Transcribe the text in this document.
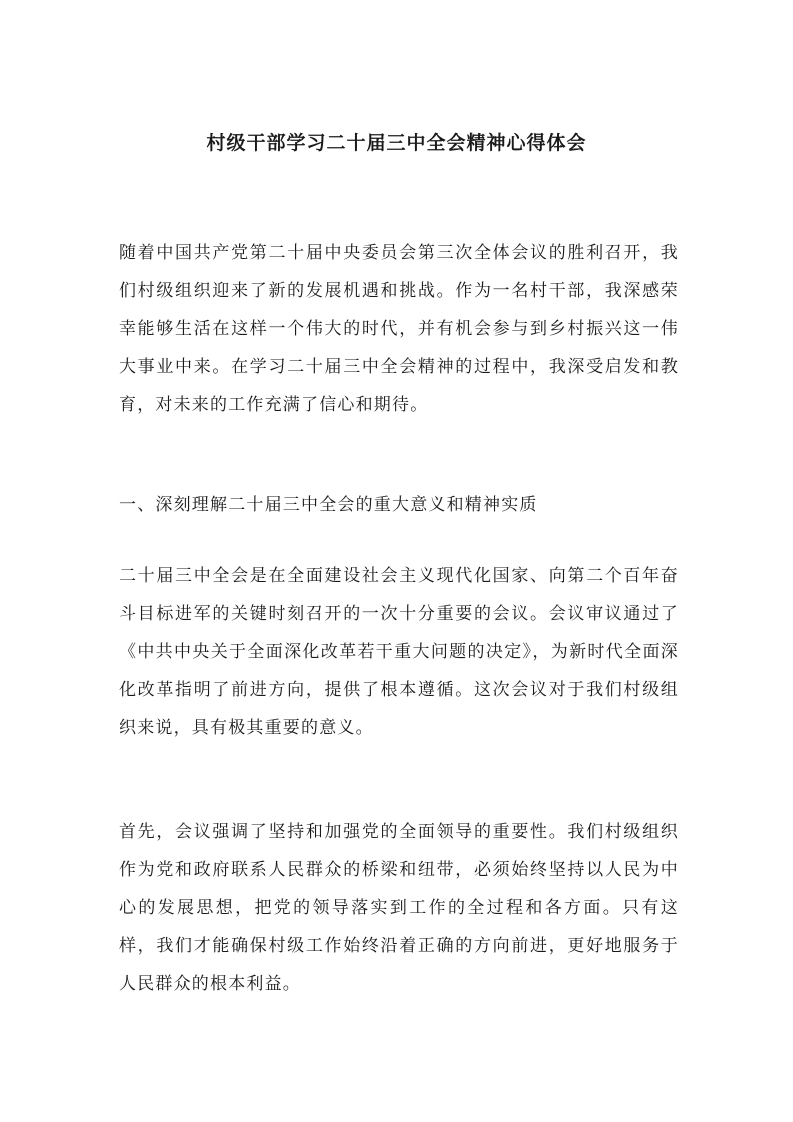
村级干部学习二十届三中全会精神心得体会

随着中国共产党第二十届中央委员会第三次全体会议的胜利召开，我们村级组织迎来了新的发展机遇和挑战。作为一名村干部，我深感荣幸能够生活在这样一个伟大的时代，并有机会参与到乡村振兴这一伟大事业中来。在学习二十届三中全会精神的过程中，我深受启发和教育，对未来的工作充满了信心和期待。

一、深刻理解二十届三中全会的重大意义和精神实质

二十届三中全会是在全面建设社会主义现代化国家、向第二个百年奋斗目标进军的关键时刻召开的一次十分重要的会议。会议审议通过了《中共中央关于全面深化改革若干重大问题的决定》，为新时代全面深化改革指明了前进方向，提供了根本遵循。这次会议对于我们村级组织来说，具有极其重要的意义。

首先，会议强调了坚持和加强党的全面领导的重要性。我们村级组织作为党和政府联系人民群众的桥梁和纽带，必须始终坚持以人民为中心的发展思想，把党的领导落实到工作的全过程和各方面。只有这样，我们才能确保村级工作始终沿着正确的方向前进，更好地服务于人民群众的根本利益。
